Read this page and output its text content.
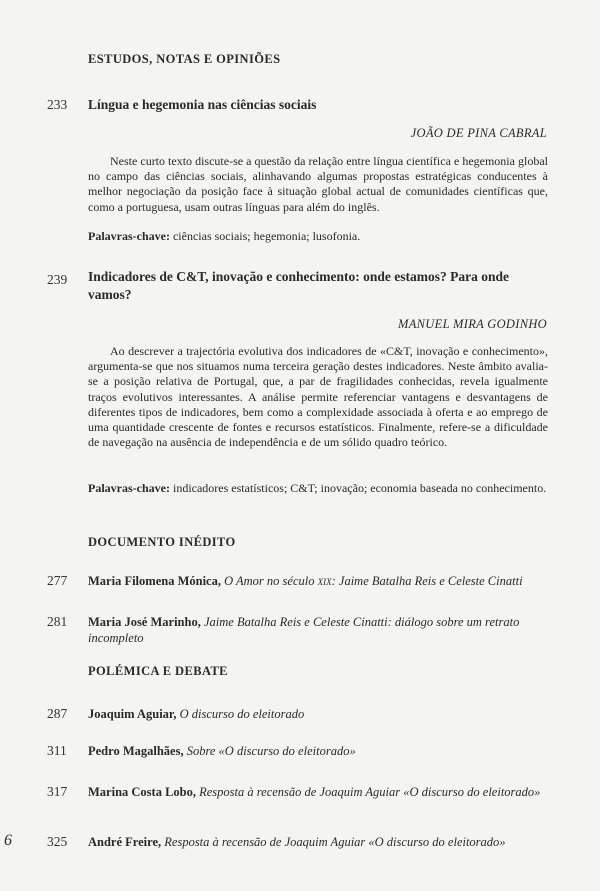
ESTUDOS, NOTAS E OPINIÕES
233 Língua e hegemonia nas ciências sociais
JOÃO DE PINA CABRAL
Neste curto texto discute-se a questão da relação entre língua científica e hegemonia global no campo das ciências sociais, alinhavando algumas propostas estratégicas conducentes à melhor negociação da posição face à situação global actual de comunidades científicas que, como a portuguesa, usam outras línguas para além do inglês.
Palavras-chave: ciências sociais; hegemonia; lusofonia.
239 Indicadores de C&T, inovação e conhecimento: onde estamos? Para onde vamos?
MANUEL MIRA GODINHO
Ao descrever a trajectória evolutiva dos indicadores de «C&T, inovação e conhecimento», argumenta-se que nos situamos numa terceira geração destes indicadores. Neste âmbito avalia-se a posição relativa de Portugal, que, a par de fragilidades conhecidas, revela igualmente traços evolutivos interessantes. A análise permite referenciar vantagens e desvantagens de diferentes tipos de indicadores, bem como a complexidade associada à oferta e ao emprego de uma quantidade crescente de fontes e recursos estatísticos. Finalmente, refere-se a dificuldade de navegação na ausência de independência e de um sólido quadro teórico.
Palavras-chave: indicadores estatísticos; C&T; inovação; economia baseada no conhecimento.
DOCUMENTO INÉDITO
277 Maria Filomena Mónica, O Amor no século xix: Jaime Batalha Reis e Celeste Cinatti
281 Maria José Marinho, Jaime Batalha Reis e Celeste Cinatti: diálogo sobre um retrato incompleto
POLÉMICA E DEBATE
287 Joaquim Aguiar, O discurso do eleitorado
311 Pedro Magalhães, Sobre «O discurso do eleitorado»
317 Marina Costa Lobo, Resposta à recensão de Joaquim Aguiar «O discurso do eleitorado»
6	325 André Freire, Resposta à recensão de Joaquim Aguiar «O discurso do eleitorado»
